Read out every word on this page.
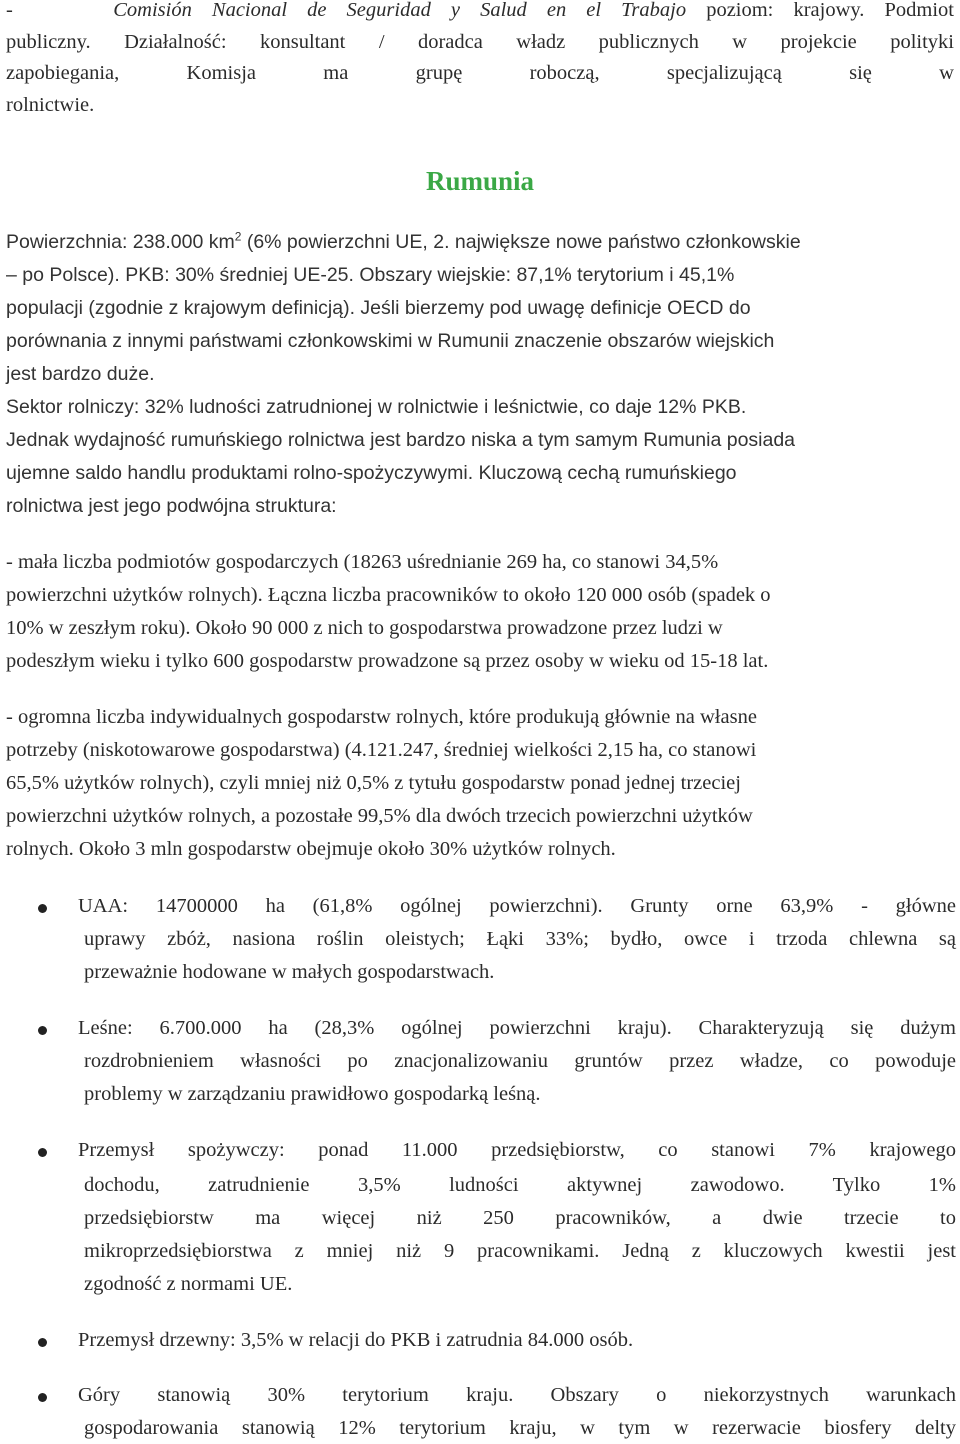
-	Comisión Nacional de Seguridad y Salud en el Trabajo poziom: krajowy. Podmiot
publiczny. Działalność: konsultant / doradca władz publicznych w projekcie polityki
zapobiegania, Komisja ma grupę roboczą, specjalizującą się w
rolnictwie.
Rumunia
Powierzchnia: 238.000 $km^2$ (6% powierzchni UE, 2. największe nowe państwo członkowskie
– po Polsce). PKB: 30% średniej UE-25. Obszary wiejskie: 87,1% terytorium i 45,1%
populacji (zgodnie z krajowym definicją). Jeśli bierzemy pod uwagę definicje OECD do
porównania z innymi państwami członkowskimi w Rumunii znaczenie obszarów wiejskich
jest bardzo duże.
Sektor rolniczy: 32% ludności zatrudnionej w rolnictwie i leśnictwie, co daje 12% PKB.
Jednak wydajność rumuńskiego rolnictwa jest bardzo niska a tym samym Rumunia posiada
ujemne saldo handlu produktami rolno-spożyczywymi. Kluczową cechą rumuńskiego
rolnictwa jest jego podwójna struktura:
- mała liczba podmiotów gospodarczych (18263 uśrednianie 269 ha, co stanowi 34,5%
powierzchni użytków rolnych). Łączna liczba pracowników to około 120 000 osób (spadek o
10% w zeszłym roku). Około 90 000 z nich to gospodarstwa prowadzone przez ludzi w
podeszłym wieku i tylko 600 gospodarstw prowadzone są przez osoby w wieku od 15-18 lat.
- ogromna liczba indywidualnych gospodarstw rolnych, które produkują głównie na własne
potrzeby (niskotowarowe gospodarstwa) (4.121.247, średniej wielkości 2,15 ha, co stanowi
65,5% użytków rolnych), czyli mniej niż 0,5% z tytułu gospodarstw ponad jednej trzeciej
powierzchni użytków rolnych, a pozostałe 99,5% dla dwóch trzecich powierzchni użytków
rolnych. Około 3 mln gospodarstw obejmuje około 30% użytków rolnych.
UAA: 14700000 ha (61,8% ogólnej powierzchni). Grunty orne 63,9% - główne
uprawy zbóż, nasiona roślin oleistych; Łąki 33%; bydło, owce i trzoda chlewna są
przeważnie hodowane w małych gospodarstwach.
Leśne: 6.700.000 ha (28,3% ogólnej powierzchni kraju). Charakteryzują się dużym
rozdrobnieniem własności po znacjonalizowaniu gruntów przez władze, co powoduje
problemy w zarządzaniu prawidłowo gospodarką leśną.
Przemysł spożywczy: ponad 11.000 przedsiębiorstw, co stanowi 7% krajowego
dochodu, zatrudnienie 3,5% ludności aktywnej zawodowo. Tylko 1%
przedsiębiorstw ma więcej niż 250 pracowników, a dwie trzecie to
mikroprzedsiębiorstwa z mniej niż 9 pracownikami. Jedną z kluczowych kwestii jest
zgodność z normami UE.
Przemysł drzewny: 3,5% w relacji do PKB i zatrudnia 84.000 osób.
Góry stanowią 30% terytorium kraju. Obszary o niekorzystnych warunkach
gospodarowania stanowią 12% terytorium kraju, w tym w rezerwacie biosfery delty
